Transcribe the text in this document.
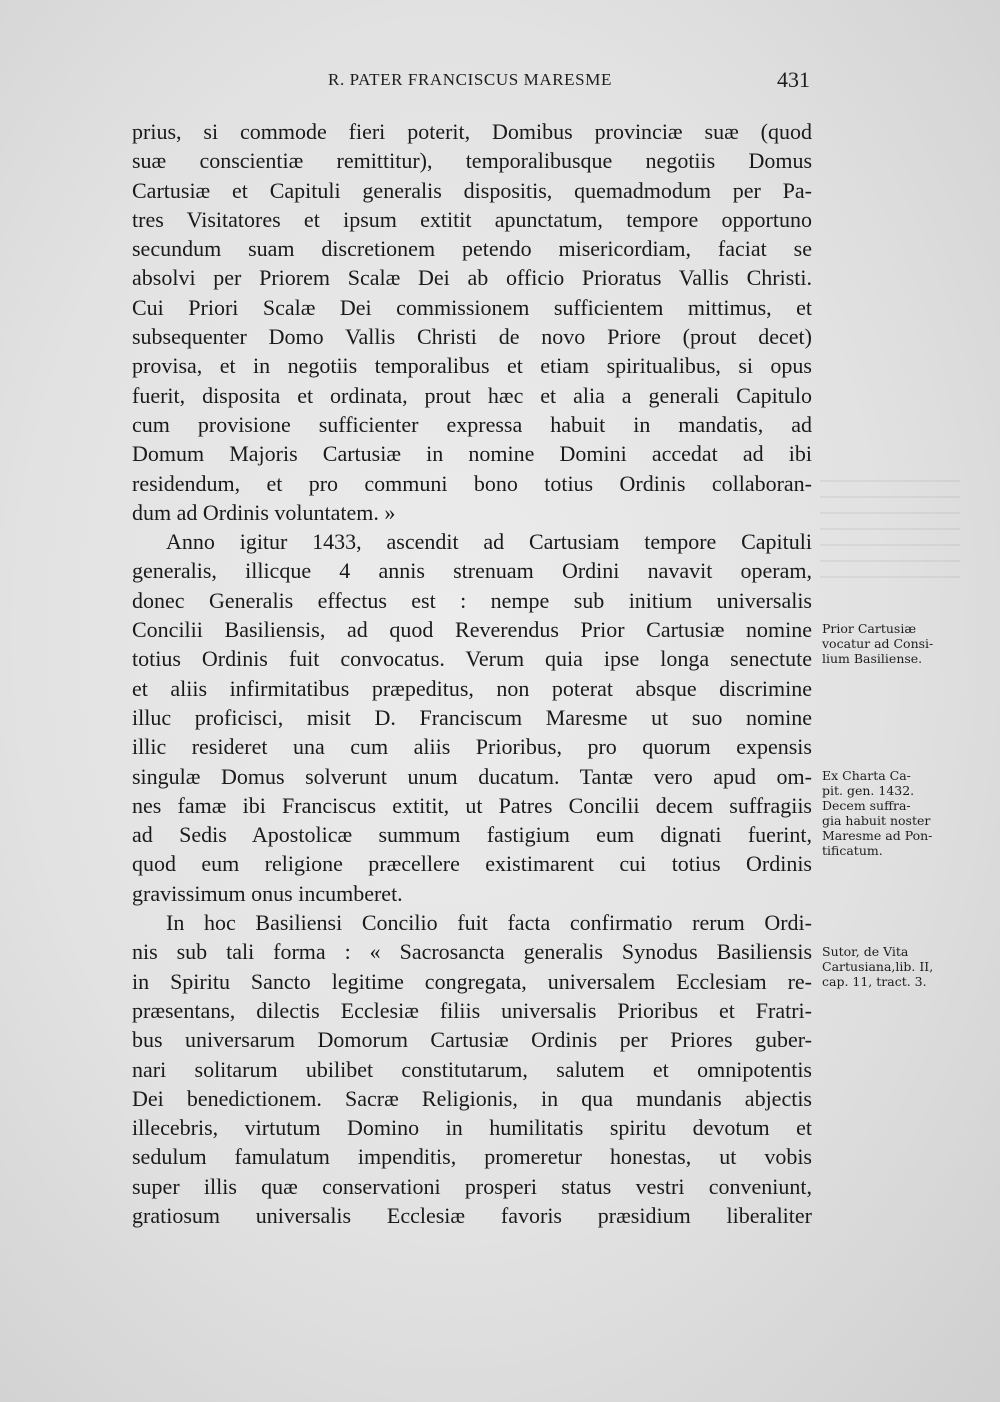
R. PATER FRANCISCUS MARESME	431
prius, si commode fieri poterit, Domibus provinciæ suæ (quod
suæ conscientiæ remittitur), temporalibusque negotiis Domus
Cartusiæ et Capituli generalis dispositis, quemadmodum per Pa-
tres Visitatores et ipsum extitit apunctatum, tempore opportuno
secundum suam discretionem petendo misericordiam, faciat se
absolvi per Priorem Scalæ Dei ab officio Prioratus Vallis Christi.
Cui Priori Scalæ Dei commissionem sufficientem mittimus, et
subsequenter Domo Vallis Christi de novo Priore (prout decet)
provisa, et in negotiis temporalibus et etiam spiritualibus, si opus
fuerit, disposita et ordinata, prout hæc et alia a generali Capitulo
cum provisione sufficienter expressa habuit in mandatis, ad
Domum Majoris Cartusiæ in nomine Domini accedat ad ibi
residendum, et pro communi bono totius Ordinis collaboran-
dum ad Ordinis voluntatem. »
Anno igitur 1433, ascendit ad Cartusiam tempore Capituli
generalis, illicque 4 annis strenuam Ordini navavit operam,
donec Generalis effectus est : nempe sub initium universalis
Concilii Basiliensis, ad quod Reverendus Prior Cartusiæ nomine
totius Ordinis fuit convocatus. Verum quia ipse longa senectute
et aliis infirmitatibus præpeditus, non poterat absque discrimine
illuc proficisci, misit D. Franciscum Maresme ut suo nomine
illic resideret una cum aliis Prioribus, pro quorum expensis
singulæ Domus solverunt unum ducatum. Tantæ vero apud om-
nes famæ ibi Franciscus extitit, ut Patres Concilii decem suffragiis
ad Sedis Apostolicæ summum fastigium eum dignati fuerint,
quod eum religione præcellere existimarent cui totius Ordinis
gravissimum onus incumberet.
In hoc Basiliensi Concilio fuit facta confirmatio rerum Ordi-
nis sub tali forma : « Sacrosancta generalis Synodus Basiliensis
in Spiritu Sancto legitime congregata, universalem Ecclesiam re-
præsentans, dilectis Ecclesiæ filiis universalis Prioribus et Fratri-
bus universarum Domorum Cartusiæ Ordinis per Priores guber-
nari solitarum ubilibet constitutarum, salutem et omnipotentis
Dei benedictionem. Sacræ Religionis, in qua mundanis abjectis
illecebris, virtutum Domino in humilitatis spiritu devotum et
sedulum famulatum impenditis, promeretur honestas, ut vobis
super illis quæ conservationi prosperi status vestri conveniunt,
gratiosum universalis Ecclesiæ favoris præsidium liberaliter
Prior Cartusiæ
vocatur ad Consi-
lium Basiliense.
Ex Charta Ca-
pit. gen. 1432.
Decem suffra-
gia habuit noster
Maresme ad Pon-
tificatum.
Sutor, de Vita
Cartusiana,lib. II,
cap. 11, tract. 3.
